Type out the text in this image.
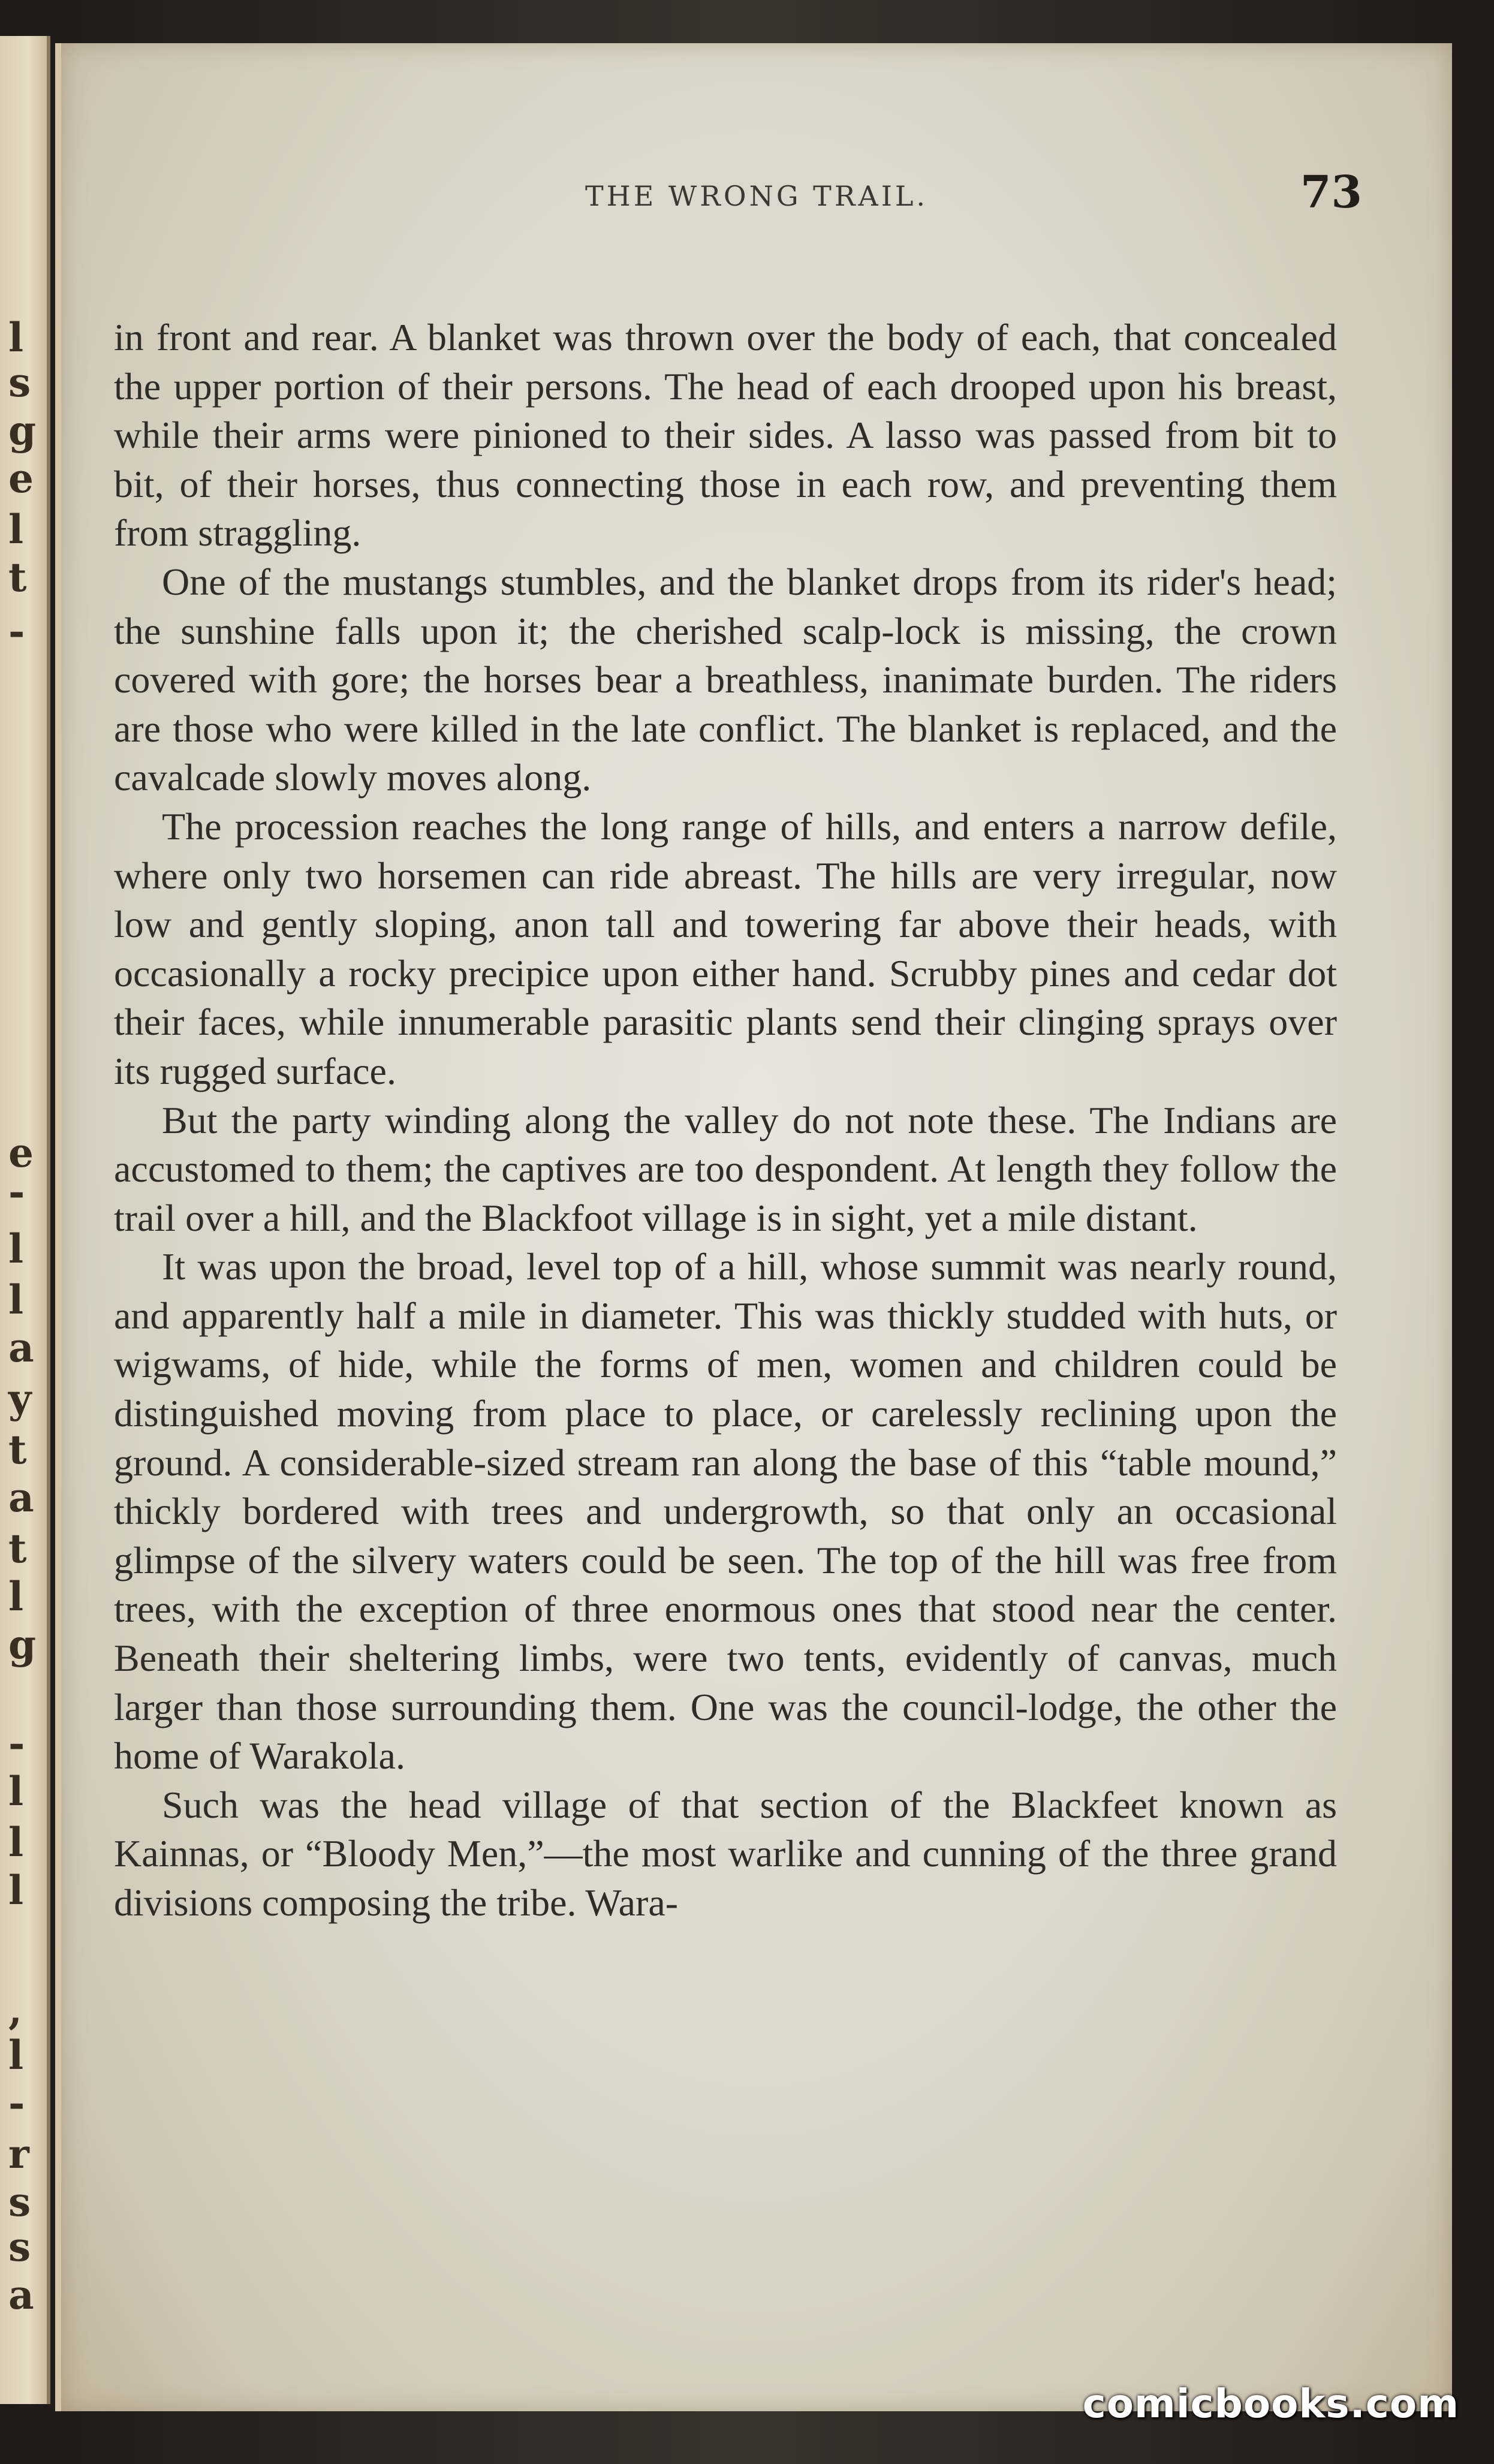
l
s
g
e
l
t
-
e
-
l
l
a
y
t
a
t
l
g
-
l
l
l
,
l
-
r
s
s
a
THE WRONG TRAIL.	73

in front and rear. A blanket was thrown over the body of each, that concealed the upper portion of their persons. The head of each drooped upon his breast, while their arms were pinioned to their sides. A lasso was passed from bit to bit, of their horses, thus connecting those in each row, and preventing them from straggling.

One of the mustangs stumbles, and the blanket drops from its rider's head; the sunshine falls upon it; the cherished scalp-lock is missing, the crown covered with gore; the horses bear a breathless, inanimate burden. The riders are those who were killed in the late conflict. The blanket is replaced, and the cavalcade slowly moves along.

The procession reaches the long range of hills, and enters a narrow defile, where only two horsemen can ride abreast. The hills are very irregular, now low and gently sloping, anon tall and towering far above their heads, with occasionally a rocky precipice upon either hand. Scrubby pines and cedar dot their faces, while innumerable parasitic plants send their clinging sprays over its rugged surface.

But the party winding along the valley do not note these. The Indians are accustomed to them; the captives are too despondent. At length they follow the trail over a hill, and the Blackfoot village is in sight, yet a mile distant.

It was upon the broad, level top of a hill, whose summit was nearly round, and apparently half a mile in diameter. This was thickly studded with huts, or wigwams, of hide, while the forms of men, women and children could be distinguished moving from place to place, or carelessly reclining upon the ground. A considerable-sized stream ran along the base of this “table mound,” thickly bordered with trees and undergrowth, so that only an occasional glimpse of the silvery waters could be seen. The top of the hill was free from trees, with the exception of three enormous ones that stood near the center. Beneath their sheltering limbs, were two tents, evidently of canvas, much larger than those surrounding them. One was the council-lodge, the other the home of Warakola.

Such was the head village of that section of the Blackfeet known as Kainnas, or “Bloody Men,”—the most warlike and cunning of the three grand divisions composing the tribe. Wara-

comicbooks.com
